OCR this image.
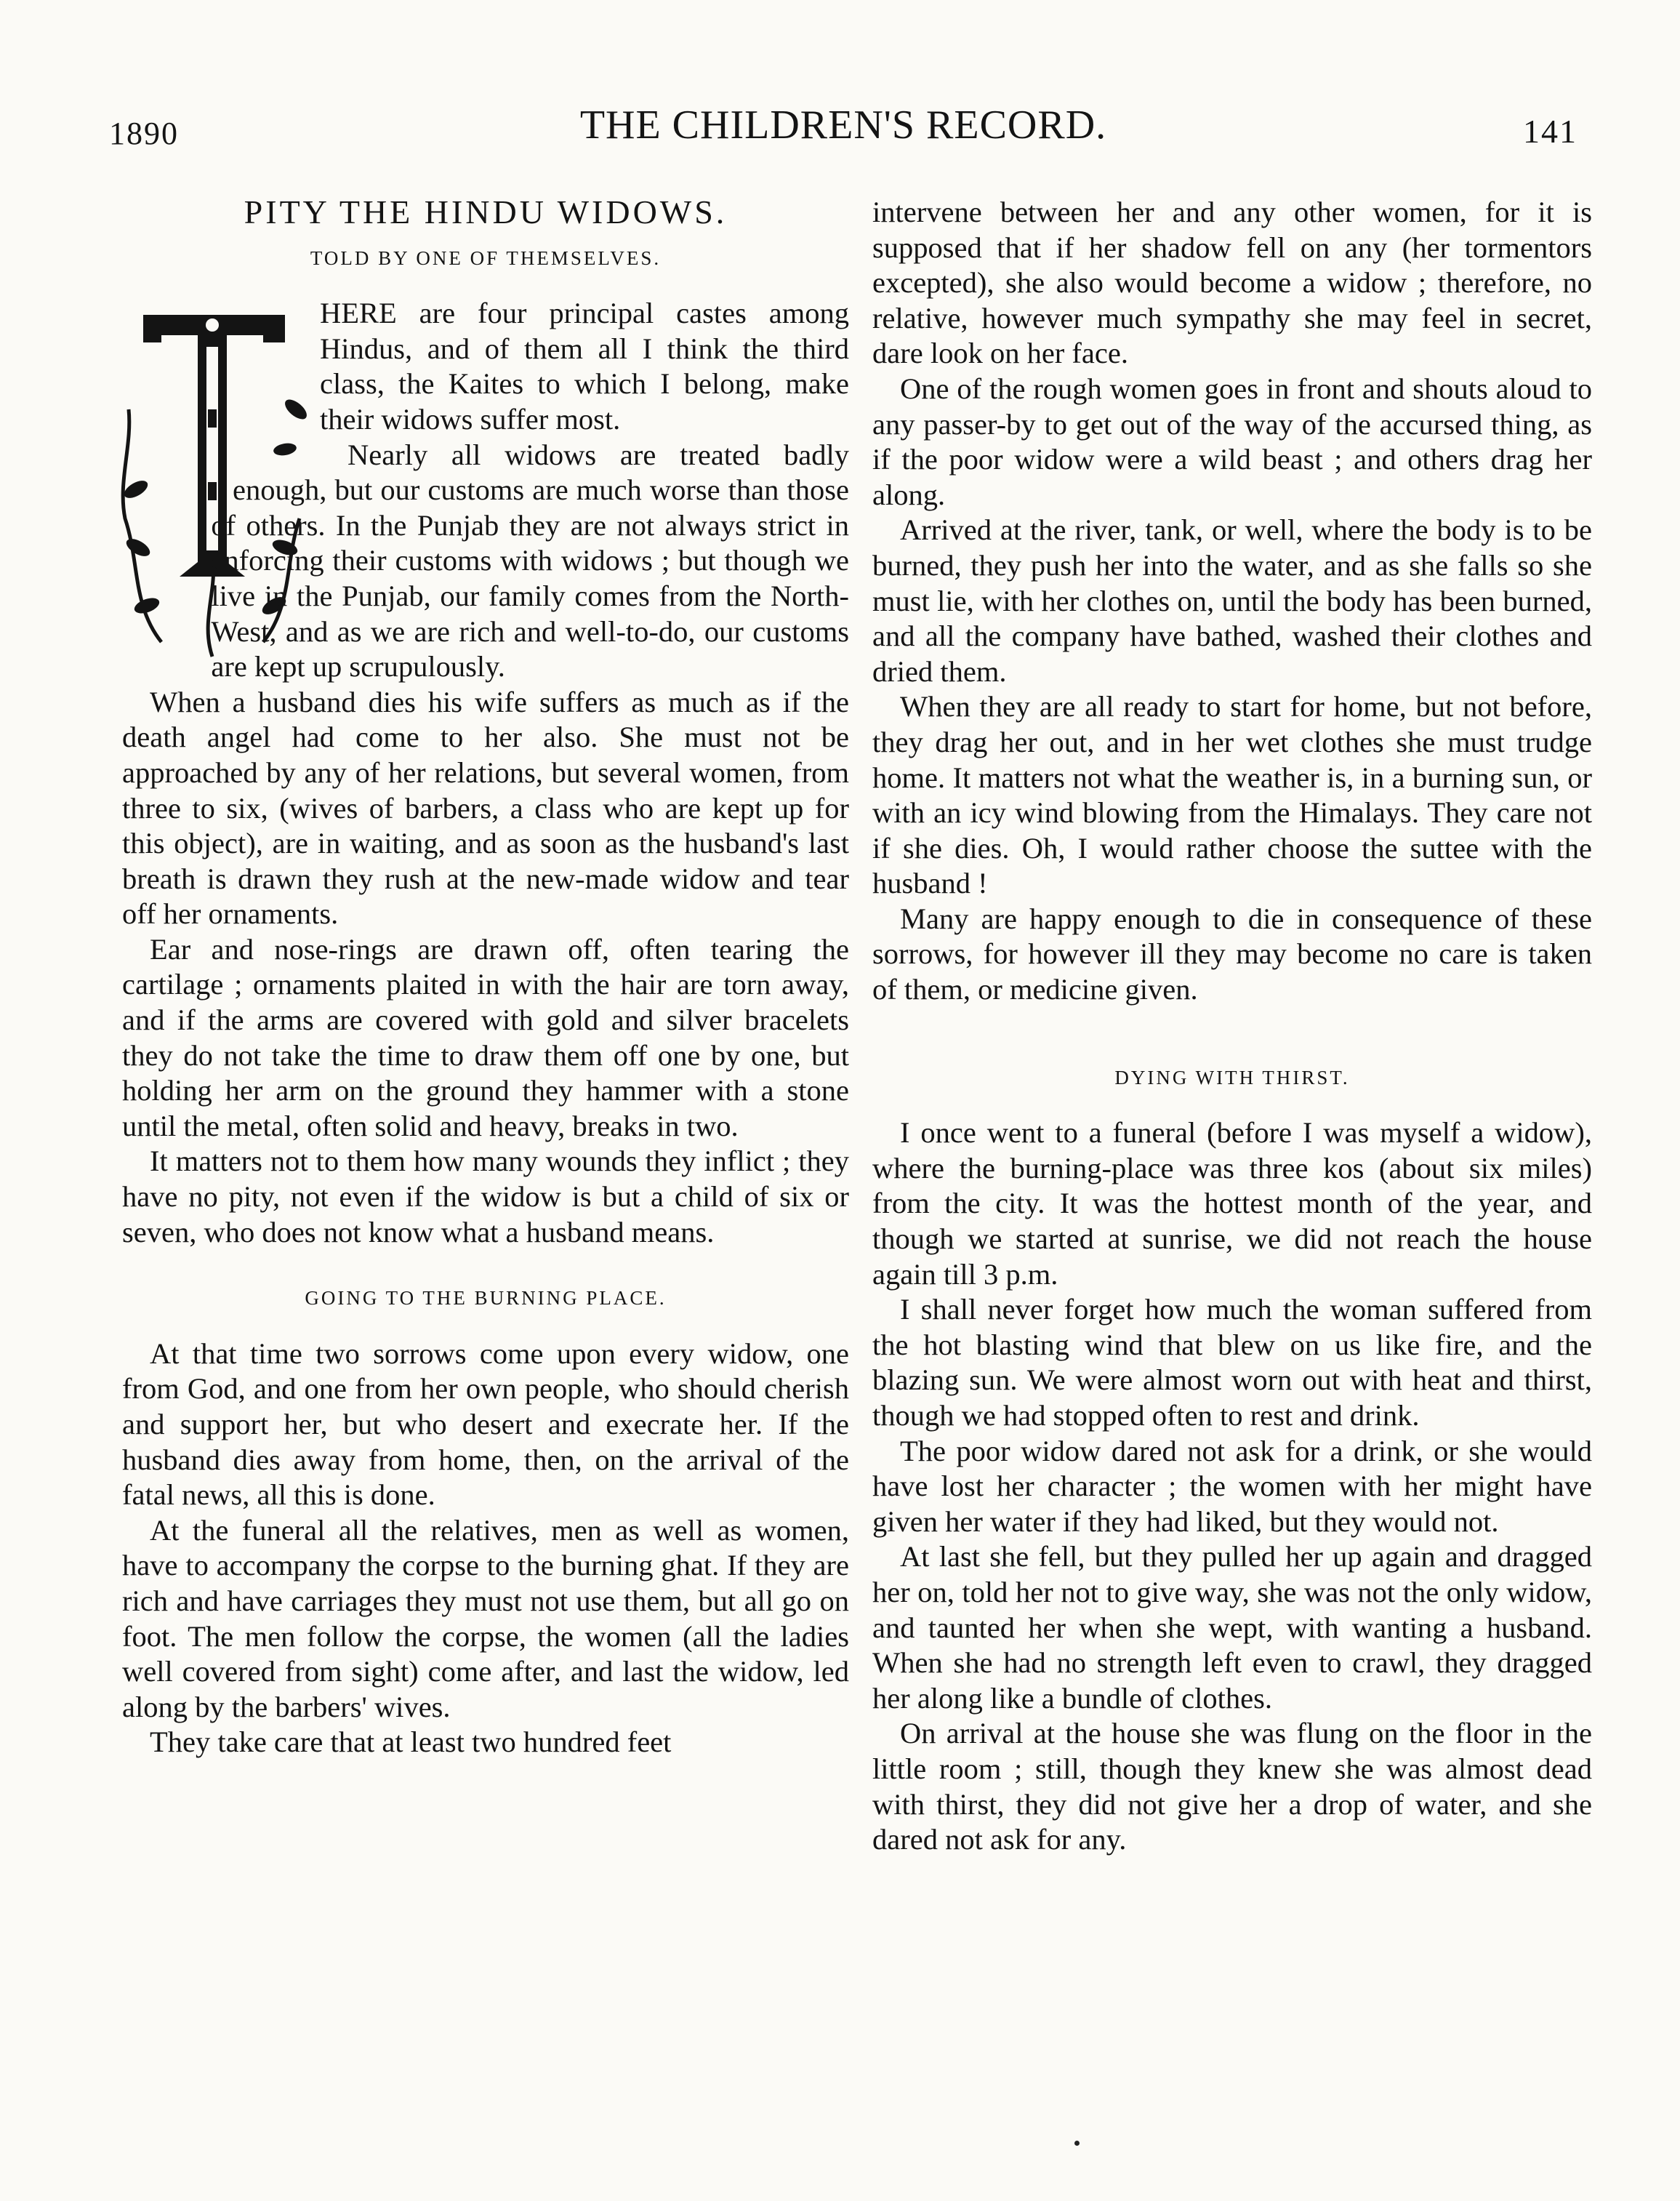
1890	THE CHILDREN'S RECORD.	141
PITY THE HINDU WIDOWS.
TOLD BY ONE OF THEMSELVES.

HERE are four principal castes among Hindus, and of them all I think the third class, the Kaites to which I belong, make their widows suffer most.

Nearly all widows are treated badly enough, but our customs are much worse than those of others. In the Punjab they are not always strict in enforcing their customs with widows ; but though we live in the Punjab, our family comes from the North-West, and as we are rich and well-to-do, our customs are kept up scrupulously.

When a husband dies his wife suffers as much as if the death angel had come to her also. She must not be approached by any of her relations, but several women, from three to six, (wives of barbers, a class who are kept up for this object), are in waiting, and as soon as the husband's last breath is drawn they rush at the new-made widow and tear off her ornaments.

Ear and nose-rings are drawn off, often tearing the cartilage ; ornaments plaited in with the hair are torn away, and if the arms are covered with gold and silver bracelets they do not take the time to draw them off one by one, but holding her arm on the ground they hammer with a stone until the metal, often solid and heavy, breaks in two.

It matters not to them how many wounds they inflict ; they have no pity, not even if the widow is but a child of six or seven, who does not know what a husband means.

GOING TO THE BURNING PLACE.

At that time two sorrows come upon every widow, one from God, and one from her own people, who should cherish and support her, but who desert and execrate her. If the husband dies away from home, then, on the arrival of the fatal news, all this is done.

At the funeral all the relatives, men as well as women, have to accompany the corpse to the burning ghat. If they are rich and have carriages they must not use them, but all go on foot. The men follow the corpse, the women (all the ladies well covered from sight) come after, and last the widow, led along by the barbers' wives.

They take care that at least two hundred feet

intervene between her and any other women, for it is supposed that if her shadow fell on any (her tormentors excepted), she also would become a widow ; therefore, no relative, however much sympathy she may feel in secret, dare look on her face.

One of the rough women goes in front and shouts aloud to any passer-by to get out of the way of the accursed thing, as if the poor widow were a wild beast ; and others drag her along.

Arrived at the river, tank, or well, where the body is to be burned, they push her into the water, and as she falls so she must lie, with her clothes on, until the body has been burned, and all the company have bathed, washed their clothes and dried them.

When they are all ready to start for home, but not before, they drag her out, and in her wet clothes she must trudge home. It matters not what the weather is, in a burning sun, or with an icy wind blowing from the Himalays. They care not if she dies. Oh, I would rather choose the suttee with the husband !

Many are happy enough to die in consequence of these sorrows, for however ill they may become no care is taken of them, or medicine given.

DYING WITH THIRST.

I once went to a funeral (before I was myself a widow), where the burning-place was three kos (about six miles) from the city. It was the hottest month of the year, and though we started at sunrise, we did not reach the house again till 3 p.m.

I shall never forget how much the woman suffered from the hot blasting wind that blew on us like fire, and the blazing sun. We were almost worn out with heat and thirst, though we had stopped often to rest and drink.

The poor widow dared not ask for a drink, or she would have lost her character ; the women with her might have given her water if they had liked, but they would not.

At last she fell, but they pulled her up again and dragged her on, told her not to give way, she was not the only widow, and taunted her when she wept, with wanting a husband. When she had no strength left even to crawl, they dragged her along like a bundle of clothes.

On arrival at the house she was flung on the floor in the little room ; still, though they knew she was almost dead with thirst, they did not give her a drop of water, and she dared not ask for any.
